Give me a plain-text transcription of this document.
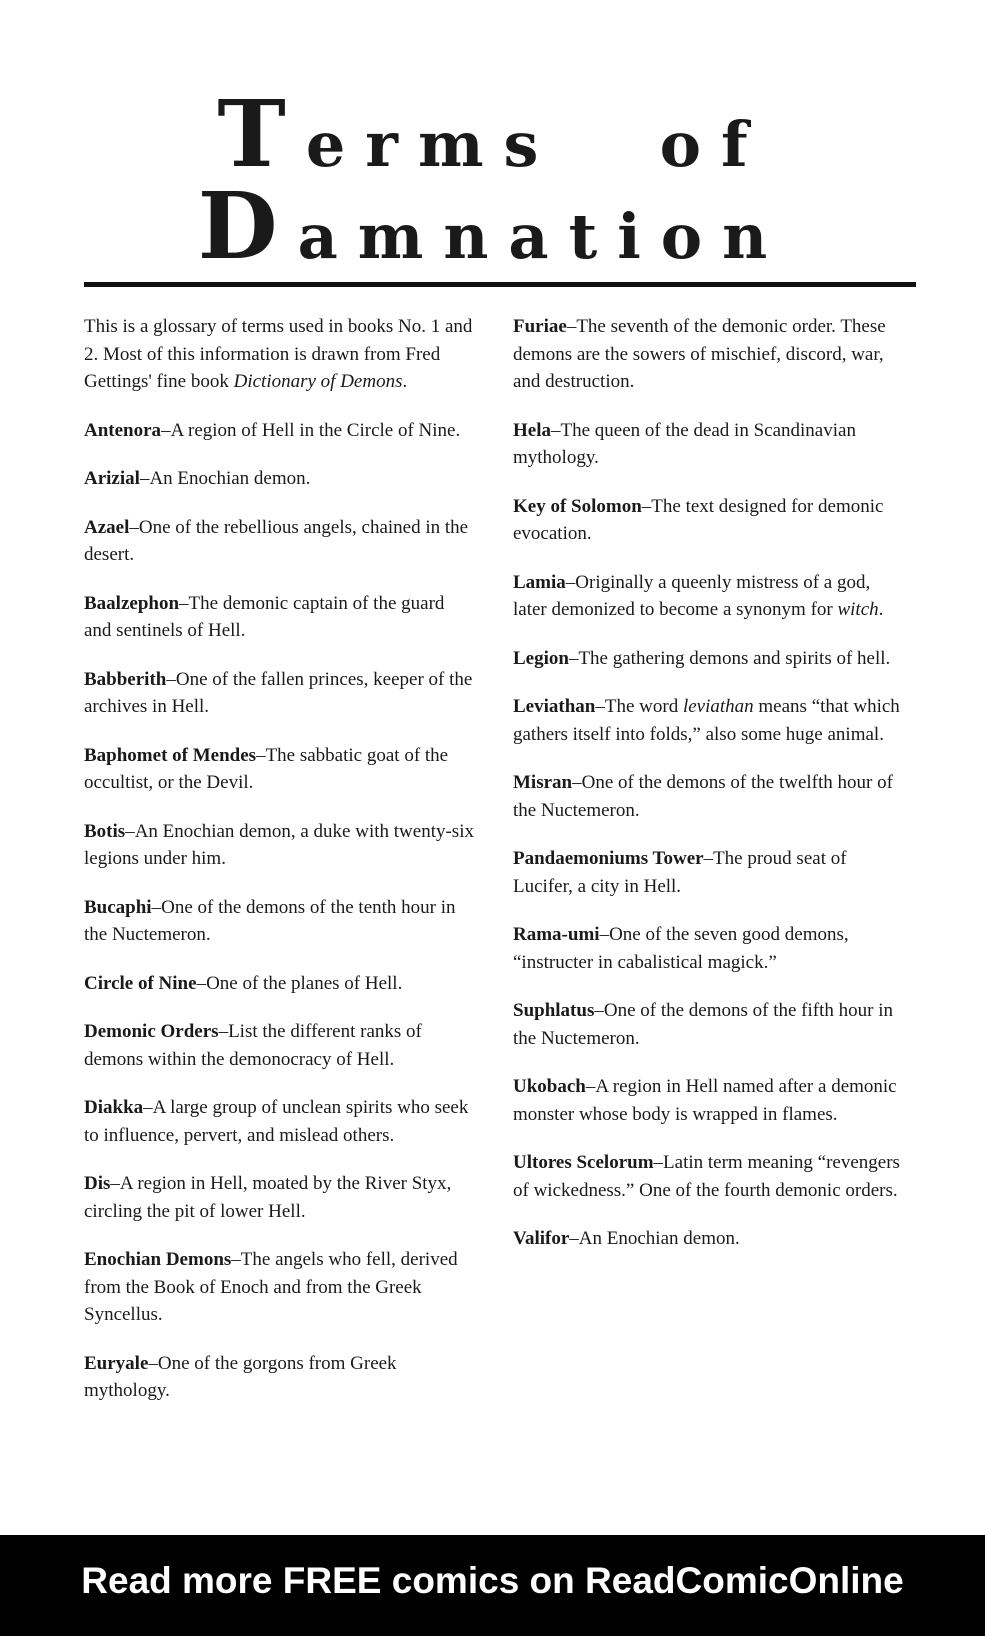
Terms of
Damnation

This is a glossary of terms used in books No. 1 and 2. Most of this information is drawn from Fred Gettings' fine book Dictionary of Demons.

Antenora–A region of Hell in the Circle of Nine.

Arizial–An Enochian demon.

Azael–One of the rebellious angels, chained in the desert.

Baalzephon–The demonic captain of the guard and sentinels of Hell.

Babberith–One of the fallen princes, keeper of the archives in Hell.

Baphomet of Mendes–The sabbatic goat of the occultist, or the Devil.

Botis–An Enochian demon, a duke with twenty-six legions under him.

Bucaphi–One of the demons of the tenth hour in the Nuctemeron.

Circle of Nine–One of the planes of Hell.

Demonic Orders–List the different ranks of demons within the demonocracy of Hell.

Diakka–A large group of unclean spirits who seek to influence, pervert, and mislead others.

Dis–A region in Hell, moated by the River Styx, circling the pit of lower Hell.

Enochian Demons–The angels who fell, derived from the Book of Enoch and from the Greek Syncellus.

Euryale–One of the gorgons from Greek mythology.

Furiae–The seventh of the demonic order. These demons are the sowers of mischief, discord, war, and destruction.

Hela–The queen of the dead in Scandinavian mythology.

Key of Solomon–The text designed for demonic evocation.

Lamia–Originally a queenly mistress of a god, later demonized to become a synonym for witch.

Legion–The gathering demons and spirits of hell.

Leviathan–The word leviathan means “that which gathers itself into folds,” also some huge animal.

Misran–One of the demons of the twelfth hour of the Nuctemeron.

Pandaemoniums Tower–The proud seat of Lucifer, a city in Hell.

Rama-umi–One of the seven good demons, “instructer in cabalistical magick.”

Suphlatus–One of the demons of the fifth hour in the Nuctemeron.

Ukobach–A region in Hell named after a demonic monster whose body is wrapped in flames.

Ultores Scelorum–Latin term meaning “revengers of wickedness.” One of the fourth demonic orders.

Valifor–An Enochian demon.

Read more FREE comics on ReadComicOnline
